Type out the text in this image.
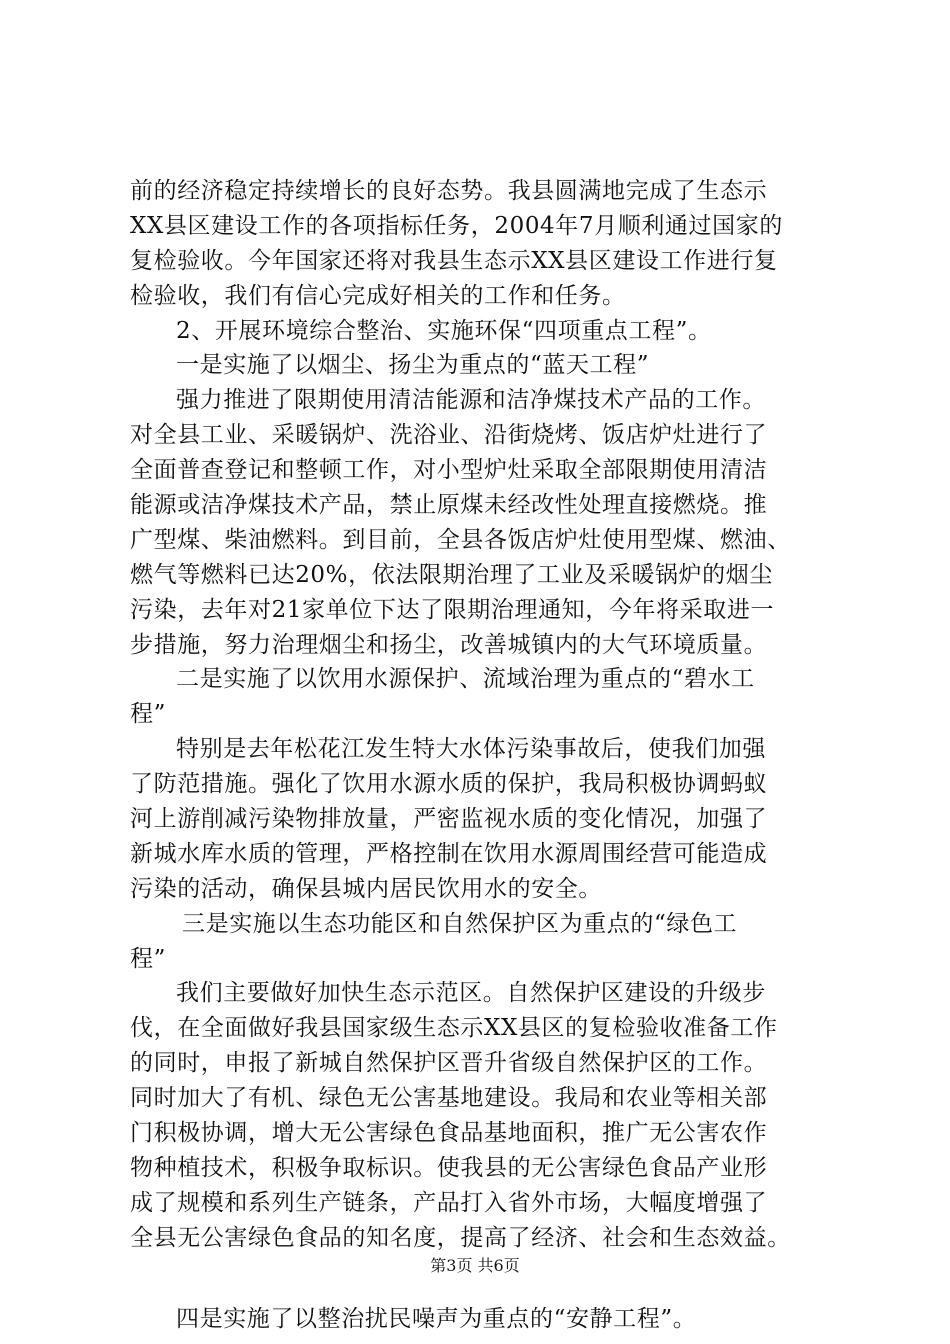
前的经济稳定持续增长的良好态势。我县圆满地完成了生态示
XX县区建设工作的各项指标任务，2004年7月顺利通过国家的
复检验收。今年国家还将对我县生态示XX县区建设工作进行复
检验收，我们有信心完成好相关的工作和任务。
2、开展环境综合整治、实施环保“四项重点工程”。
一是实施了以烟尘、扬尘为重点的“蓝天工程”
强力推进了限期使用清洁能源和洁净煤技术产品的工作。
对全县工业、采暖锅炉、洗浴业、沿街烧烤、饭店炉灶进行了
全面普查登记和整顿工作，对小型炉灶采取全部限期使用清洁
能源或洁净煤技术产品，禁止原煤未经改性处理直接燃烧。推
广型煤、柴油燃料。到目前，全县各饭店炉灶使用型煤、燃油、
燃气等燃料已达20%，依法限期治理了工业及采暖锅炉的烟尘
污染，去年对21家单位下达了限期治理通知，今年将采取进一
步措施，努力治理烟尘和扬尘，改善城镇内的大气环境质量。
二是实施了以饮用水源保护、流域治理为重点的“碧水工
程”
特别是去年松花江发生特大水体污染事故后，使我们加强
了防范措施。强化了饮用水源水质的保护，我局积极协调蚂蚁
河上游削减污染物排放量，严密监视水质的变化情况，加强了
新城水库水质的管理，严格控制在饮用水源周围经营可能造成
污染的活动，确保县城内居民饮用水的安全。
三是实施以生态功能区和自然保护区为重点的“绿色工
程”
我们主要做好加快生态示范区。自然保护区建设的升级步
伐，在全面做好我县国家级生态示XX县区的复检验收准备工作
的同时，申报了新城自然保护区晋升省级自然保护区的工作。
同时加大了有机、绿色无公害基地建设。我局和农业等相关部
门积极协调，增大无公害绿色食品基地面积，推广无公害农作
物种植技术，积极争取标识。使我县的无公害绿色食品产业形
成了规模和系列生产链条，产品打入省外市场，大幅度增强了
全县无公害绿色食品的知名度，提高了经济、社会和生态效益。
四是实施了以整治扰民噪声为重点的“安静工程”。
第3页 共6页
